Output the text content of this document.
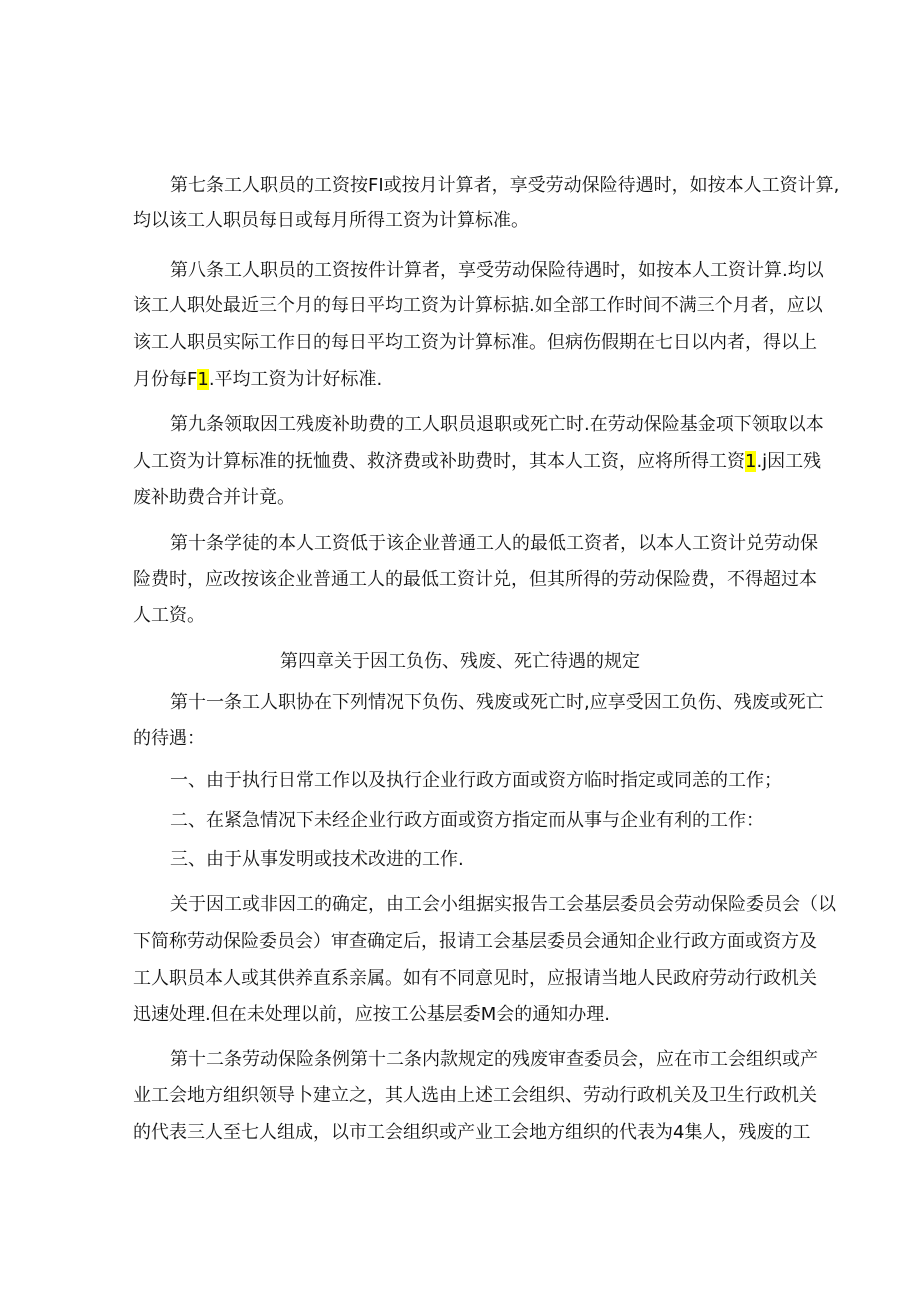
第七条工人职员的工资按FI或按月计算者，享受劳动保险待遇时，如按本人工资计算,
均以该工人职员每日或每月所得工资为计算标准。
第八条工人职员的工资按件计算者，享受劳动保险待遇时，如按本人工资计算.均以
该工人职处最近三个月的每日平均工资为计算标掂.如全部工作时间不满三个月者，应以
该工人职员实际工作日的每日平均工资为计算标准。但病伤假期在七日以内者，得以上
月份每F1.平均工资为计好标准.
第九条领取因工残废补助费的工人职员退职或死亡时.在劳动保险基金项下领取以本
人工资为计算标准的抚恤费、救济费或补助费时，其本人工资，应将所得工资1.j因工残
废补助费合并计竟。
第十条学徒的本人工资低于该企业普通工人的最低工资者，以本人工资计兑劳动保
险费时，应改按该企业普通工人的最低工资计兑，但其所得的劳动保险费，不得超过本
人工资。
第四章关于因工负伤、残废、死亡待遇的规定
第十一条工人职协在下列情况下负伤、残废或死亡时,应享受因工负伤、残废或死亡
的待遇：
一、由于执行日常工作以及执行企业行政方面或资方临时指定或同恙的工作；
二、在紧急情况下未经企业行政方面或资方指定而从事与企业有利的工作：
三、由于从事发明或技术改进的工作.
关于因工或非因工的确定，由工会小组据实报告工会基层委员会劳动保险委员会（以
下简称劳动保险委员会）审查确定后，报请工会基层委员会通知企业行政方面或资方及
工人职员本人或其供养直系亲属。如有不同意见时，应报请当地人民政府劳动行政机关
迅速处理.但在未处理以前，应按工公基层委M会的通知办理.
第十二条劳动保险条例第十二条内款规定的残废审查委员会，应在市工会组织或产
业工会地方组织领导卜建立之，其人选由上述工会组织、劳动行政机关及卫生行政机关
的代表三人至七人组成，以市工会组织或产业工会地方组织的代表为4集人，残废的工
